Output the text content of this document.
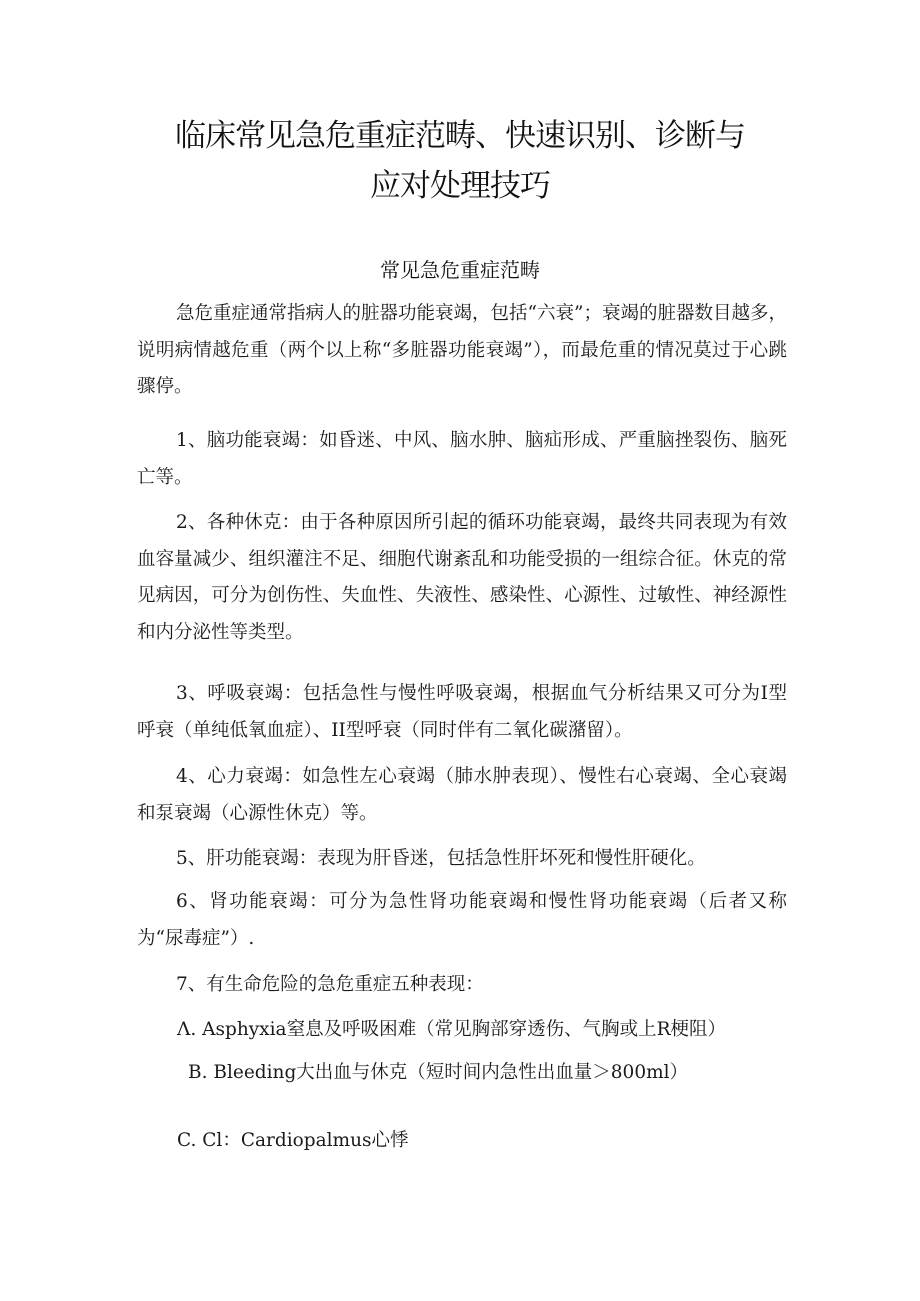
临床常见急危重症范畴、快速识别、诊断与
应对处理技巧
常见急危重症范畴

急危重症通常指病人的脏器功能衰竭，包括“六衰”；衰竭的脏器数目越多，说明病情越危重（两个以上称“多脏器功能衰竭”），而最危重的情况莫过于心跳骤停。

1、脑功能衰竭：如昏迷、中风、脑水肿、脑疝形成、严重脑挫裂伤、脑死亡等。

2、各种休克：由于各种原因所引起的循环功能衰竭，最终共同表现为有效血容量减少、组织灌注不足、细胞代谢紊乱和功能受损的一组综合征。休克的常见病因，可分为创伤性、失血性、失液性、感染性、心源性、过敏性、神经源性和内分泌性等类型。

3、呼吸衰竭：包括急性与慢性呼吸衰竭，根据血气分析结果又可分为I型呼衰（单纯低氧血症）、II型呼衰（同时伴有二氧化碳潴留）。

4、心力衰竭：如急性左心衰竭（肺水肿表现）、慢性右心衰竭、全心衰竭和泵衰竭（心源性休克）等。

5、肝功能衰竭：表现为肝昏迷，包括急性肝坏死和慢性肝硬化。

6、肾功能衰竭：可分为急性肾功能衰竭和慢性肾功能衰竭（后者又称为“尿毒症”）.

7、有生命危险的急危重症五种表现：

Λ. Asphyxia窒息及呼吸困难（常见胸部穿透伤、气胸或上R梗阻）

B. Bleeding大出血与休克（短时间内急性出血量＞800ml）

C. Cl：Cardiopalmus心悸
